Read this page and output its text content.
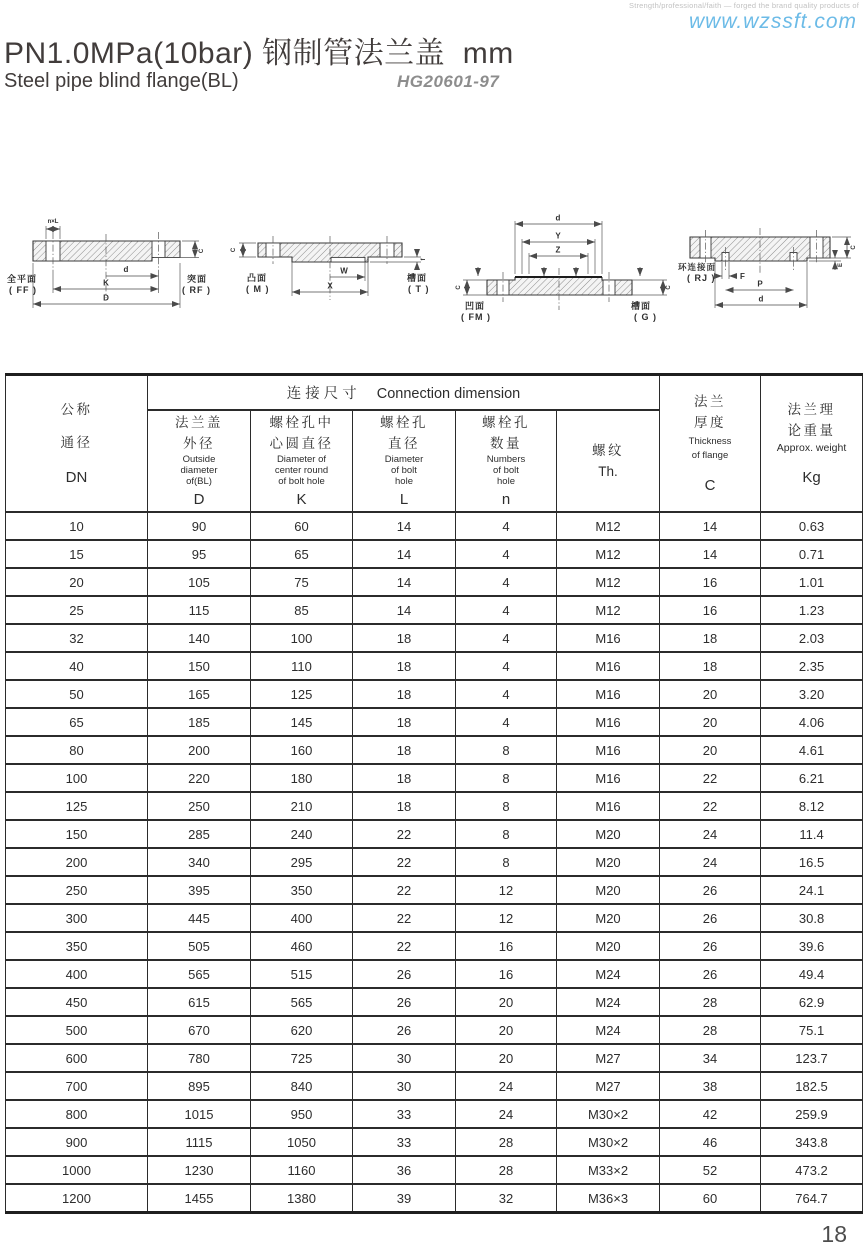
Strength/professional/faith — forged the brand quality products of
www.wzssft.com
PN1.0MPa(10bar) 钢制管法兰盖  mm
Steel pipe blind flange(BL)	HG20601-97
n×L
d
K
D
C
全平面
( FF )
突面
( RF )
W
X
C
f
凸面
( M )
槽面
( T )
d
Y
Z
C	C
凹面
( FM )
槽面
( G )
F
P
d
C
E
环连接面
( RJ )
公称
通径
DN
	连接尺寸 Connection dimension	法兰
厚度
Thickness
of flange
C

法兰理
论重量
Approx. weight
Kg

法兰盖
外径
Outside
diameter
of(BL)
D

螺栓孔中
心圆直径
Diameter of
center round
of bolt hole
K

螺栓孔
直径
Diameter
of bolt
hole
L

螺栓孔
数量
Numbers
of bolt
hole
n

螺纹
Th.

10	90	60	14	4	M12	14	0.63
15	95	65	14	4	M12	14	0.71
20	105	75	14	4	M12	16	1.01
25	115	85	14	4	M12	16	1.23
32	140	100	18	4	M16	18	2.03
40	150	110	18	4	M16	18	2.35
50	165	125	18	4	M16	20	3.20
65	185	145	18	4	M16	20	4.06
80	200	160	18	8	M16	20	4.61
100	220	180	18	8	M16	22	6.21
125	250	210	18	8	M16	22	8.12
150	285	240	22	8	M20	24	11.4
200	340	295	22	8	M20	24	16.5
250	395	350	22	12	M20	26	24.1
300	445	400	22	12	M20	26	30.8
350	505	460	22	16	M20	26	39.6
400	565	515	26	16	M24	26	49.4
450	615	565	26	20	M24	28	62.9
500	670	620	26	20	M24	28	75.1
600	780	725	30	20	M27	34	123.7
700	895	840	30	24	M27	38	182.5
800	1015	950	33	24	M30×2	42	259.9
900	1115	1050	33	28	M30×2	46	343.8
1000	1230	1160	36	28	M33×2	52	473.2
1200	1455	1380	39	32	M36×3	60	764.7
18
